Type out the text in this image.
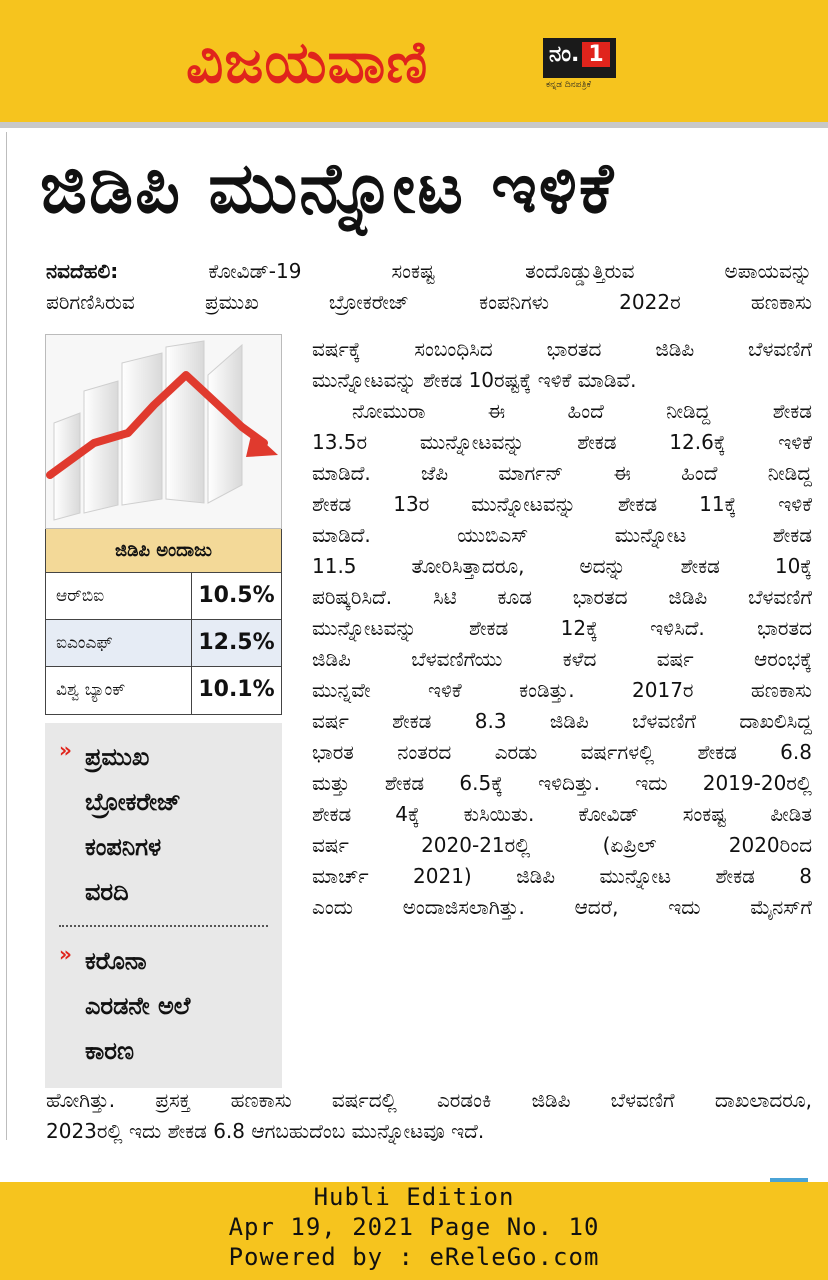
ವಿಜಯವಾಣಿ	ನಂ. 1
ಕನ್ನಡ ದಿನಪತ್ರಿಕೆ
ಜಿಡಿಪಿ ಮುನ್ನೋಟ ಇಳಿಕೆ
ನವದೆಹಲಿ:	ಕೋವಿಡ್-19 ಸಂಕಷ್ಟ ತಂದೊಡ್ಡುತ್ತಿರುವ ಅಪಾಯವನ್ನು
ಪರಿಗಣಿಸಿರುವ ಪ್ರಮುಖ ಬ್ರೋಕರೇಜ್ ಕಂಪನಿಗಳು 2022ರ ಹಣಕಾಸು
ವರ್ಷಕ್ಕೆ ಸಂಬಂಧಿಸಿದ ಭಾರತದ ಜಿಡಿಪಿ ಬೆಳವಣಿಗೆ
ಮುನ್ನೋಟವನ್ನು ಶೇಕಡ 10ರಷ್ಟಕ್ಕೆ ಇಳಿಕೆ ಮಾಡಿವೆ.
ನೋಮುರಾ ಈ ಹಿಂದೆ ನೀಡಿದ್ದ ಶೇಕಡ
13.5ರ ಮುನ್ನೋಟವನ್ನು ಶೇಕಡ 12.6ಕ್ಕೆ ಇಳಿಕೆ
ಮಾಡಿದೆ. ಜೆಪಿ ಮಾರ್ಗನ್ ಈ ಹಿಂದೆ ನೀಡಿದ್ದ
ಶೇಕಡ 13ರ ಮುನ್ನೋಟವನ್ನು ಶೇಕಡ 11ಕ್ಕೆ ಇಳಿಕೆ
ಮಾಡಿದೆ. ಯುಬಿಎಸ್ ಮುನ್ನೋಟ ಶೇಕಡ
11.5 ತೋರಿಸಿತ್ತಾದರೂ, ಅದನ್ನು ಶೇಕಡ 10ಕ್ಕೆ
ಪರಿಷ್ಕರಿಸಿದೆ. ಸಿಟಿ ಕೂಡ ಭಾರತದ ಜಿಡಿಪಿ ಬೆಳವಣಿಗೆ
ಮುನ್ನೋಟವನ್ನು ಶೇಕಡ 12ಕ್ಕೆ ಇಳಿಸಿದೆ. ಭಾರತದ
ಜಿಡಿಪಿ ಬೆಳವಣಿಗೆಯು ಕಳೆದ ವರ್ಷ ಆರಂಭಕ್ಕೆ
ಮುನ್ನವೇ ಇಳಿಕೆ ಕಂಡಿತ್ತು. 2017ರ ಹಣಕಾಸು
ವರ್ಷ ಶೇಕಡ 8.3 ಜಿಡಿಪಿ ಬೆಳವಣಿಗೆ ದಾಖಲಿಸಿದ್ದ
ಭಾರತ ನಂತರದ ಎರಡು ವರ್ಷಗಳಲ್ಲಿ ಶೇಕಡ 6.8
ಮತ್ತು ಶೇಕಡ 6.5ಕ್ಕೆ ಇಳಿದಿತ್ತು. ಇದು 2019-20ರಲ್ಲಿ
ಶೇಕಡ 4ಕ್ಕೆ ಕುಸಿಯಿತು. ಕೋವಿಡ್ ಸಂಕಷ್ಟ ಪೀಡಿತ
ವರ್ಷ 2020-21ರಲ್ಲಿ (ಏಪ್ರಿಲ್ 2020ರಿಂದ
ಮಾರ್ಚ್ 2021) ಜಿಡಿಪಿ ಮುನ್ನೋಟ ಶೇಕಡ 8
ಎಂದು ಅಂದಾಜಿಸಲಾಗಿತ್ತು. ಆದರೆ, ಇದು ಮೈನಸ್‌ಗೆ
ಹೋಗಿತ್ತು. ಪ್ರಸಕ್ತ ಹಣಕಾಸು ವರ್ಷದಲ್ಲಿ ಎರಡಂಕಿ ಜಿಡಿಪಿ ಬೆಳವಣಿಗೆ ದಾಖಲಾದರೂ,
2023ರಲ್ಲಿ ಇದು ಶೇಕಡ 6.8 ಆಗಬಹುದೆಂಬ ಮುನ್ನೋಟವೂ ಇದೆ.
ಜಿಡಿಪಿ ಅಂದಾಜು
ಆರ್‌ಬಿಐ	10.5%
ಐಎಂಎಫ್	12.5%
ವಿಶ್ವ ಬ್ಯಾಂಕ್	10.1%
» ಪ್ರಮುಖ
ಬ್ರೋಕರೇಜ್
ಕಂಪನಿಗಳ
ವರದಿ
» ಕರೊನಾ
ಎರಡನೇ ಅಲೆ
ಕಾರಣ
Hubli Edition
Apr 19, 2021 Page No. 10
Powered by : eReleGo.com
